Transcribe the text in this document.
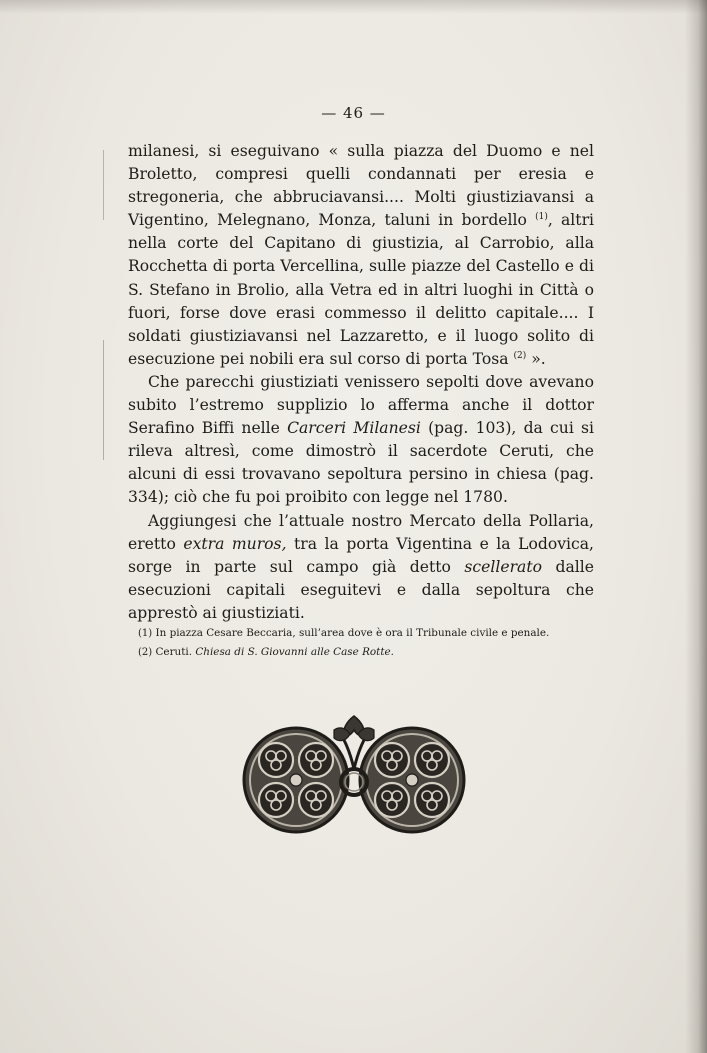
— 46 —

milanesi, si eseguivano « sulla piazza del Duomo e nel Broletto, compresi quelli condannati per eresia e stregoneria, che abbruciavansi.... Molti giustiziavansi a Vigentino, Melegnano, Monza, taluni in bordello $^{(1)}$, altri nella corte del Capitano di giustizia, al Carrobio, alla Rocchetta di porta Vercellina, sulle piazze del Castello e di S. Stefano in Brolio, alla Vetra ed in altri luoghi in Città o fuori, forse dove erasi commesso il delitto capitale.... I soldati giustiziavansi nel Lazzaretto, e il luogo solito di esecuzione pei nobili era sul corso di porta Tosa $^{(2)}$ ».

Che parecchi giustiziati venissero sepolti dove avevano subito l’estremo supplizio lo afferma anche il dottor Serafino Biffi nelle Carceri Milanesi (pag. 103), da cui si rileva altresì, come dimostrò il sacerdote Ceruti, che alcuni di essi trovavano sepoltura persino in chiesa (pag. 334); ciò che fu poi proibito con legge nel 1780.

Aggiungesi che l’attuale nostro Mercato della Pollaria, eretto extra muros, tra la porta Vigentina e la Lodovica, sorge in parte sul campo già detto scellerato dalle esecuzioni capitali eseguitevi e dalla sepoltura che apprestò ai giustiziati.

(1) In piazza Cesare Beccaria, sull’area dove è ora il Tribunale civile e penale.
(2) Ceruti. Chiesa di S. Giovanni alle Case Rotte.
